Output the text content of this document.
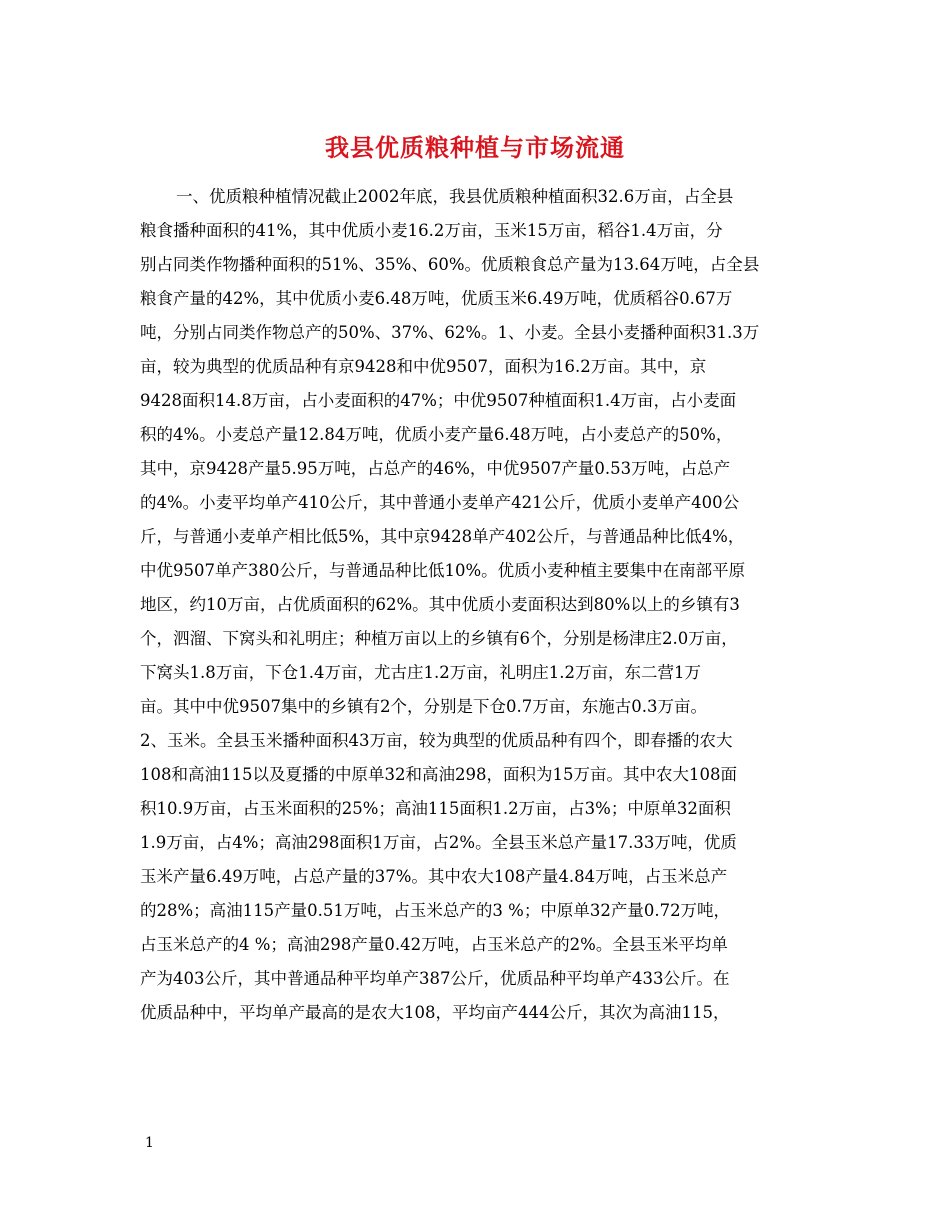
我县优质粮种植与市场流通
一、优质粮种植情况截止2002年底，我县优质粮种植面积32.6万亩，占全县
粮食播种面积的41%，其中优质小麦16.2万亩，玉米15万亩，稻谷1.4万亩，分
别占同类作物播种面积的51%、35%、60%。优质粮食总产量为13.64万吨，占全县
粮食产量的42%，其中优质小麦6.48万吨，优质玉米6.49万吨，优质稻谷0.67万
吨，分别占同类作物总产的50%、37%、62%。1、小麦。全县小麦播种面积31.3万
亩，较为典型的优质品种有京9428和中优9507，面积为16.2万亩。其中，京
9428面积14.8万亩，占小麦面积的47%；中优9507种植面积1.4万亩，占小麦面
积的4%。小麦总产量12.84万吨，优质小麦产量6.48万吨，占小麦总产的50%，
其中，京9428产量5.95万吨，占总产的46%，中优9507产量0.53万吨，占总产
的4%。小麦平均单产410公斤，其中普通小麦单产421公斤，优质小麦单产400公
斤，与普通小麦单产相比低5%，其中京9428单产402公斤，与普通品种比低4%，
中优9507单产380公斤，与普通品种比低10%。优质小麦种植主要集中在南部平原
地区，约10万亩，占优质面积的62%。其中优质小麦面积达到80%以上的乡镇有3
个，泗溜、下窝头和礼明庄；种植万亩以上的乡镇有6个，分别是杨津庄2.0万亩，
下窝头1.8万亩，下仓1.4万亩，尤古庄1.2万亩，礼明庄1.2万亩，东二营1万
亩。其中中优9507集中的乡镇有2个，分别是下仓0.7万亩，东施古0.3万亩。
2、玉米。全县玉米播种面积43万亩，较为典型的优质品种有四个，即春播的农大
108和高油115以及夏播的中原单32和高油298，面积为15万亩。其中农大108面
积10.9万亩，占玉米面积的25%；高油115面积1.2万亩，占3%；中原单32面积
1.9万亩，占4%；高油298面积1万亩，占2%。全县玉米总产量17.33万吨，优质
玉米产量6.49万吨，占总产量的37%。其中农大108产量4.84万吨，占玉米总产
的28%；高油115产量0.51万吨，占玉米总产的3 %；中原单32产量0.72万吨，
占玉米总产的4 %；高油298产量0.42万吨，占玉米总产的2%。全县玉米平均单
产为403公斤，其中普通品种平均单产387公斤，优质品种平均单产433公斤。在
优质品种中，平均单产最高的是农大108，平均亩产444公斤，其次为高油115，
1
